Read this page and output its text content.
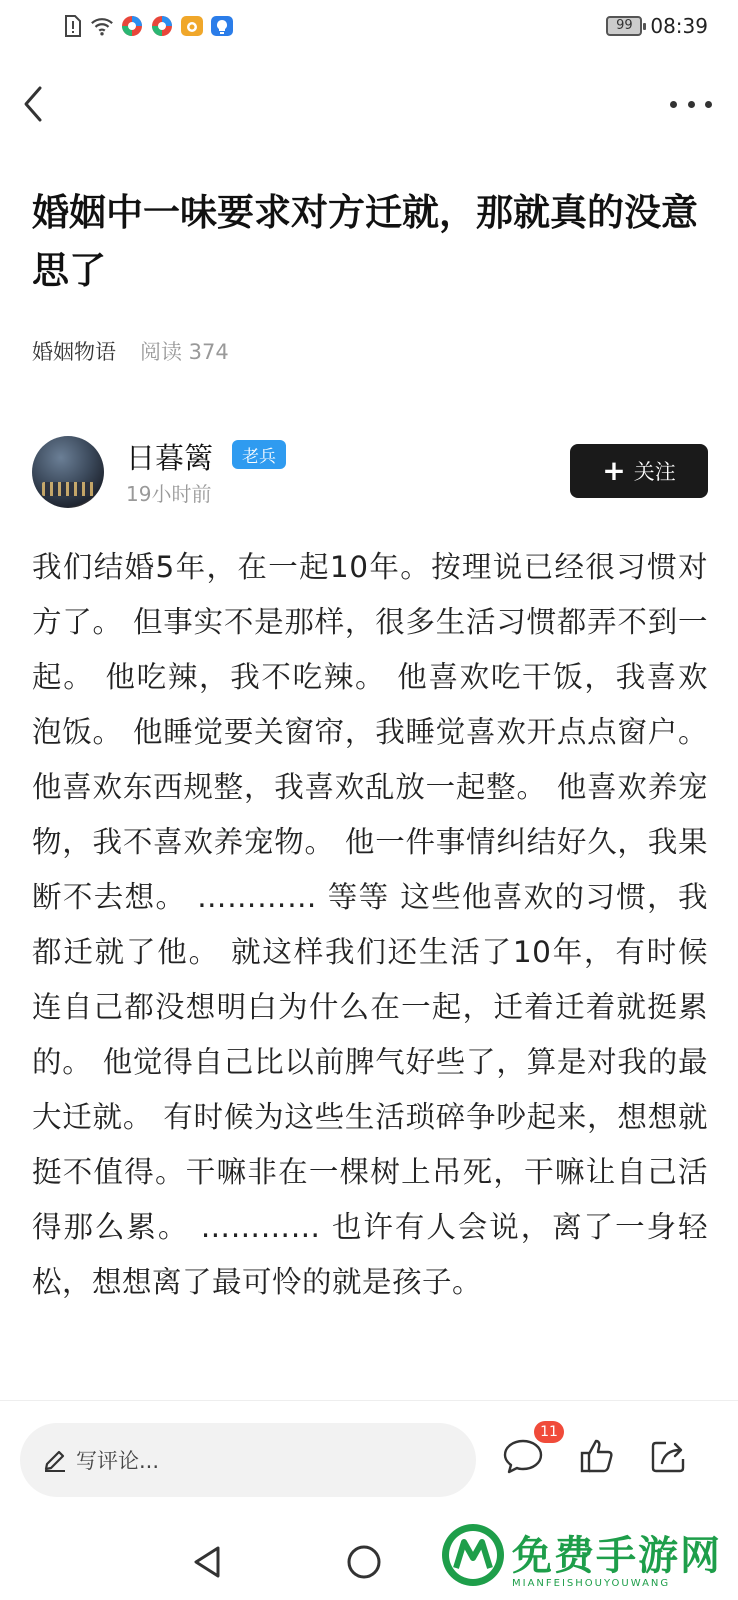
99 08:39
婚姻中一味要求对方迁就，那就真的没意思了
婚姻物语 阅读 374
日暮篱	老兵
19小时前
+ 关注
我们结婚5年，在一起10年。按理说已经很习惯对方了。 但事实不是那样，很多生活习惯都弄不到一起。 他吃辣，我不吃辣。 他喜欢吃干饭，我喜欢泡饭。 他睡觉要关窗帘，我睡觉喜欢开点点窗户。他喜欢东西规整，我喜欢乱放一起整。 他喜欢养宠物，我不喜欢养宠物。 他一件事情纠结好久，我果断不去想。 ………… 等等 这些他喜欢的习惯，我都迁就了他。 就这样我们还生活了10年，有时候连自己都没想明白为什么在一起，迁着迁着就挺累的。 他觉得自己比以前脾气好些了，算是对我的最大迁就。 有时候为这些生活琐碎争吵起来，想想就挺不值得。干嘛非在一棵树上吊死，干嘛让自己活得那么累。 ………… 也许有人会说，离了一身轻松，想想离了最可怜的就是孩子。
写评论...
11
免费手游网
MIANFEISHOUYOUWANG
